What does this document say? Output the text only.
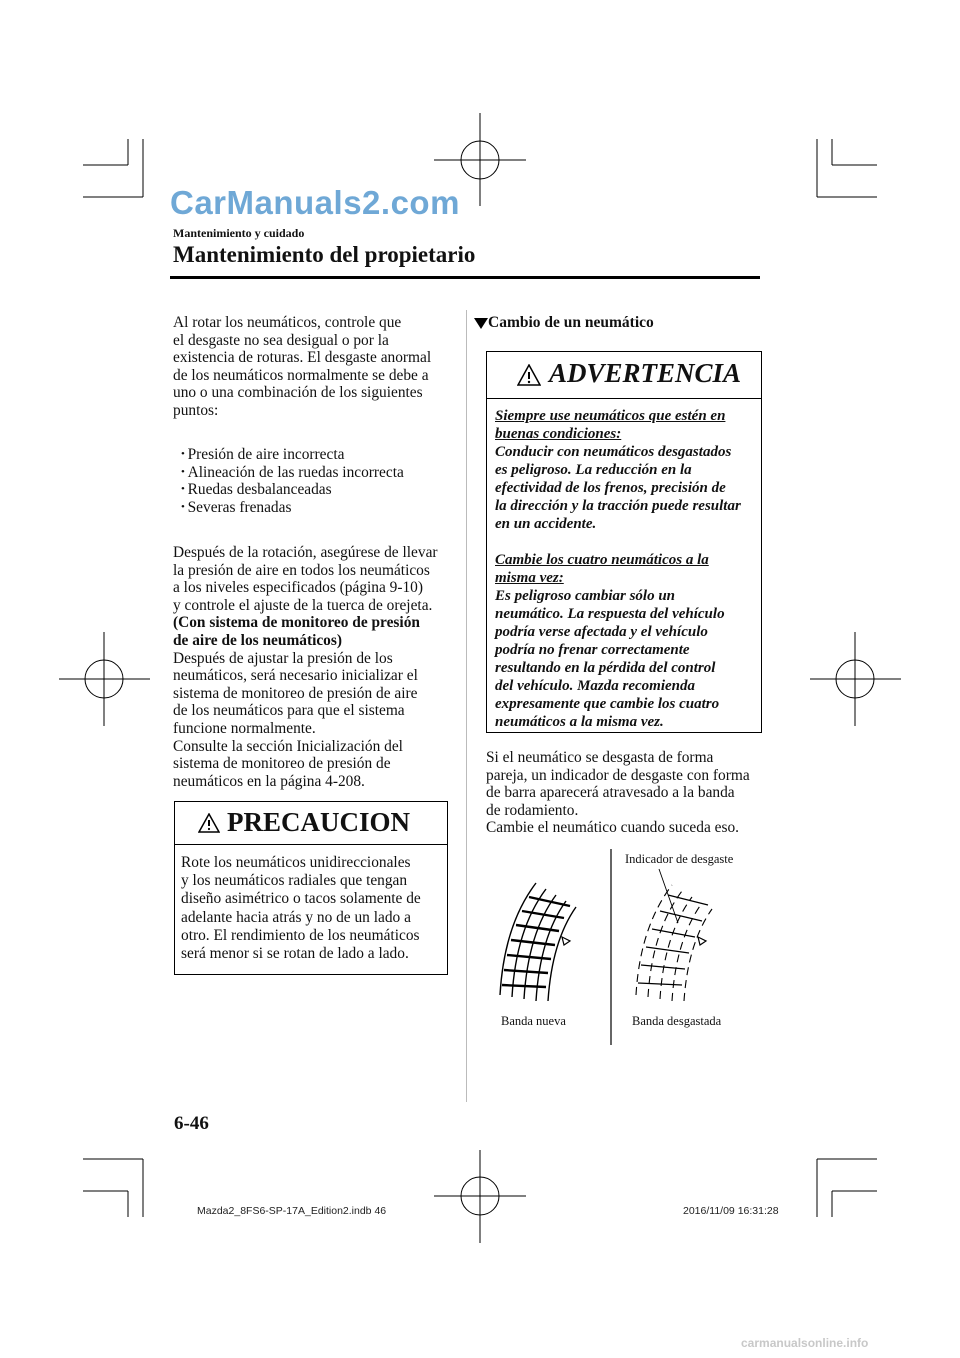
CarManuals2.com
Mantenimiento y cuidado
Mantenimiento del propietario
Al rotar los neumáticos, controle que
el desgaste no sea desigual o por la
existencia de roturas. El desgaste anormal
de los neumáticos normalmente se debe a
uno o una combinación de los siguientes
puntos:
• Presión de aire incorrecta
• Alineación de las ruedas incorrecta
• Ruedas desbalanceadas
• Severas frenadas
Después de la rotación, asegúrese de llevar
la presión de aire en todos los neumáticos
a los niveles especificados (página 9-10)
y controle el ajuste de la tuerca de orejeta.
(Con sistema de monitoreo de presión
de aire de los neumáticos)
Después de ajustar la presión de los
neumáticos, será necesario inicializar el
sistema de monitoreo de presión de aire
de los neumáticos para que el sistema
funcione normalmente.
Consulte la sección Inicialización del
sistema de monitoreo de presión de
neumáticos en la página 4-208.
PRECAUCION
Rote los neumáticos unidireccionales
y los neumáticos radiales que tengan
diseño asimétrico o tacos solamente de
adelante hacia atrás y no de un lado a
otro. El rendimiento de los neumáticos
será menor si se rotan de lado a lado.
Cambio de un neumático
ADVERTENCIA

Siempre use neumáticos que estén en
buenas condiciones:
Conducir con neumáticos desgastados
es peligroso. La reducción en la
efectividad de los frenos, precisión de
la dirección y la tracción puede resultar
en un accidente.

Cambie los cuatro neumáticos a la
misma vez:
Es peligroso cambiar sólo un
neumático. La respuesta del vehículo
podría verse afectada y el vehículo
podría no frenar correctamente
resultando en la pérdida del control
del vehículo. Mazda recomienda
expresamente que cambie los cuatro
neumáticos a la misma vez.

Si el neumático se desgasta de forma
pareja, un indicador de desgaste con forma
de barra aparecerá atravesado a la banda
de rodamiento.
Cambie el neumático cuando suceda eso.
Indicador de desgaste
Banda nueva	Banda desgastada
6-46
Mazda2_8FS6-SP-17A_Edition2.indb 46	2016/11/09 16:31:28
carmanualsonline.info
